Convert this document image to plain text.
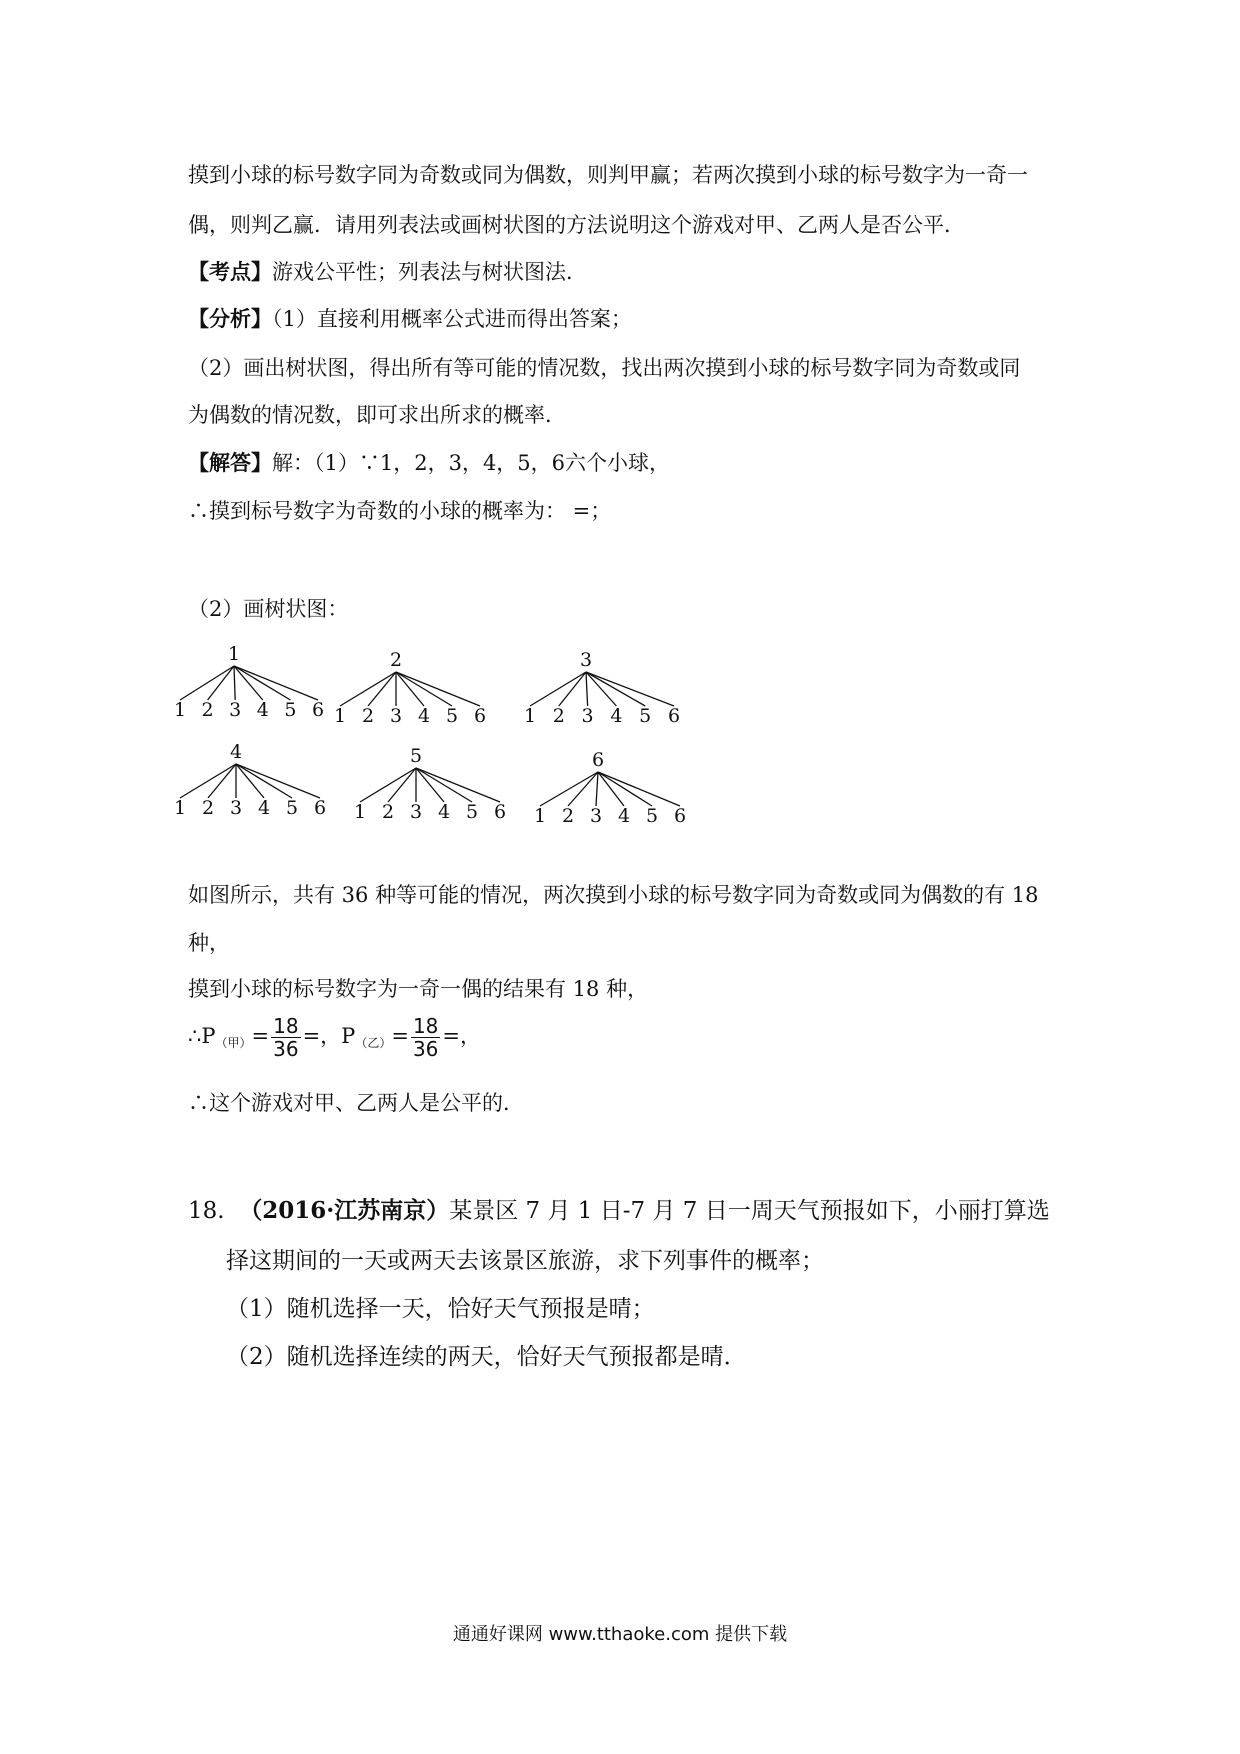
摸到小球的标号数字同为奇数或同为偶数，则判甲赢；若两次摸到小球的标号数字为一奇一
偶，则判乙赢．请用列表法或画树状图的方法说明这个游戏对甲、乙两人是否公平．
【考点】游戏公平性；列表法与树状图法．
【分析】（1）直接利用概率公式进而得出答案；
（2）画出树状图，得出所有等可能的情况数，找出两次摸到小球的标号数字同为奇数或同
为偶数的情况数，即可求出所求的概率．
【解答】解：（1）∵1，2，3，4，5，6六个小球，
∴摸到标号数字为奇数的小球的概率为： =；
（2）画树状图：
1
1 2 3 4 5 6
2
1 2 3 4 5 6
3
1 2 3 4 5 6
4
1 2 3 4 5 6
5
1 2 3 4 5 6
6
1 2 3 4 5 6
如图所示，共有 36 种等可能的情况，两次摸到小球的标号数字同为奇数或同为偶数的有 18
种，
摸到小球的标号数字为一奇一偶的结果有 18 种，
$\therefore P_{(甲)}= \frac{18}{36}$ =，$P_{(乙)}= \frac{18}{36}$ =，
∴这个游戏对甲、乙两人是公平的．
18. （2016·江苏南京）某景区 7 月 1 日-7 月 7 日一周天气预报如下，小丽打算选
择这期间的一天或两天去该景区旅游，求下列事件的概率；
（1）随机选择一天，恰好天气预报是晴；
（2）随机选择连续的两天，恰好天气预报都是晴．
通通好课网 www.tthaoke.com 提供下载
